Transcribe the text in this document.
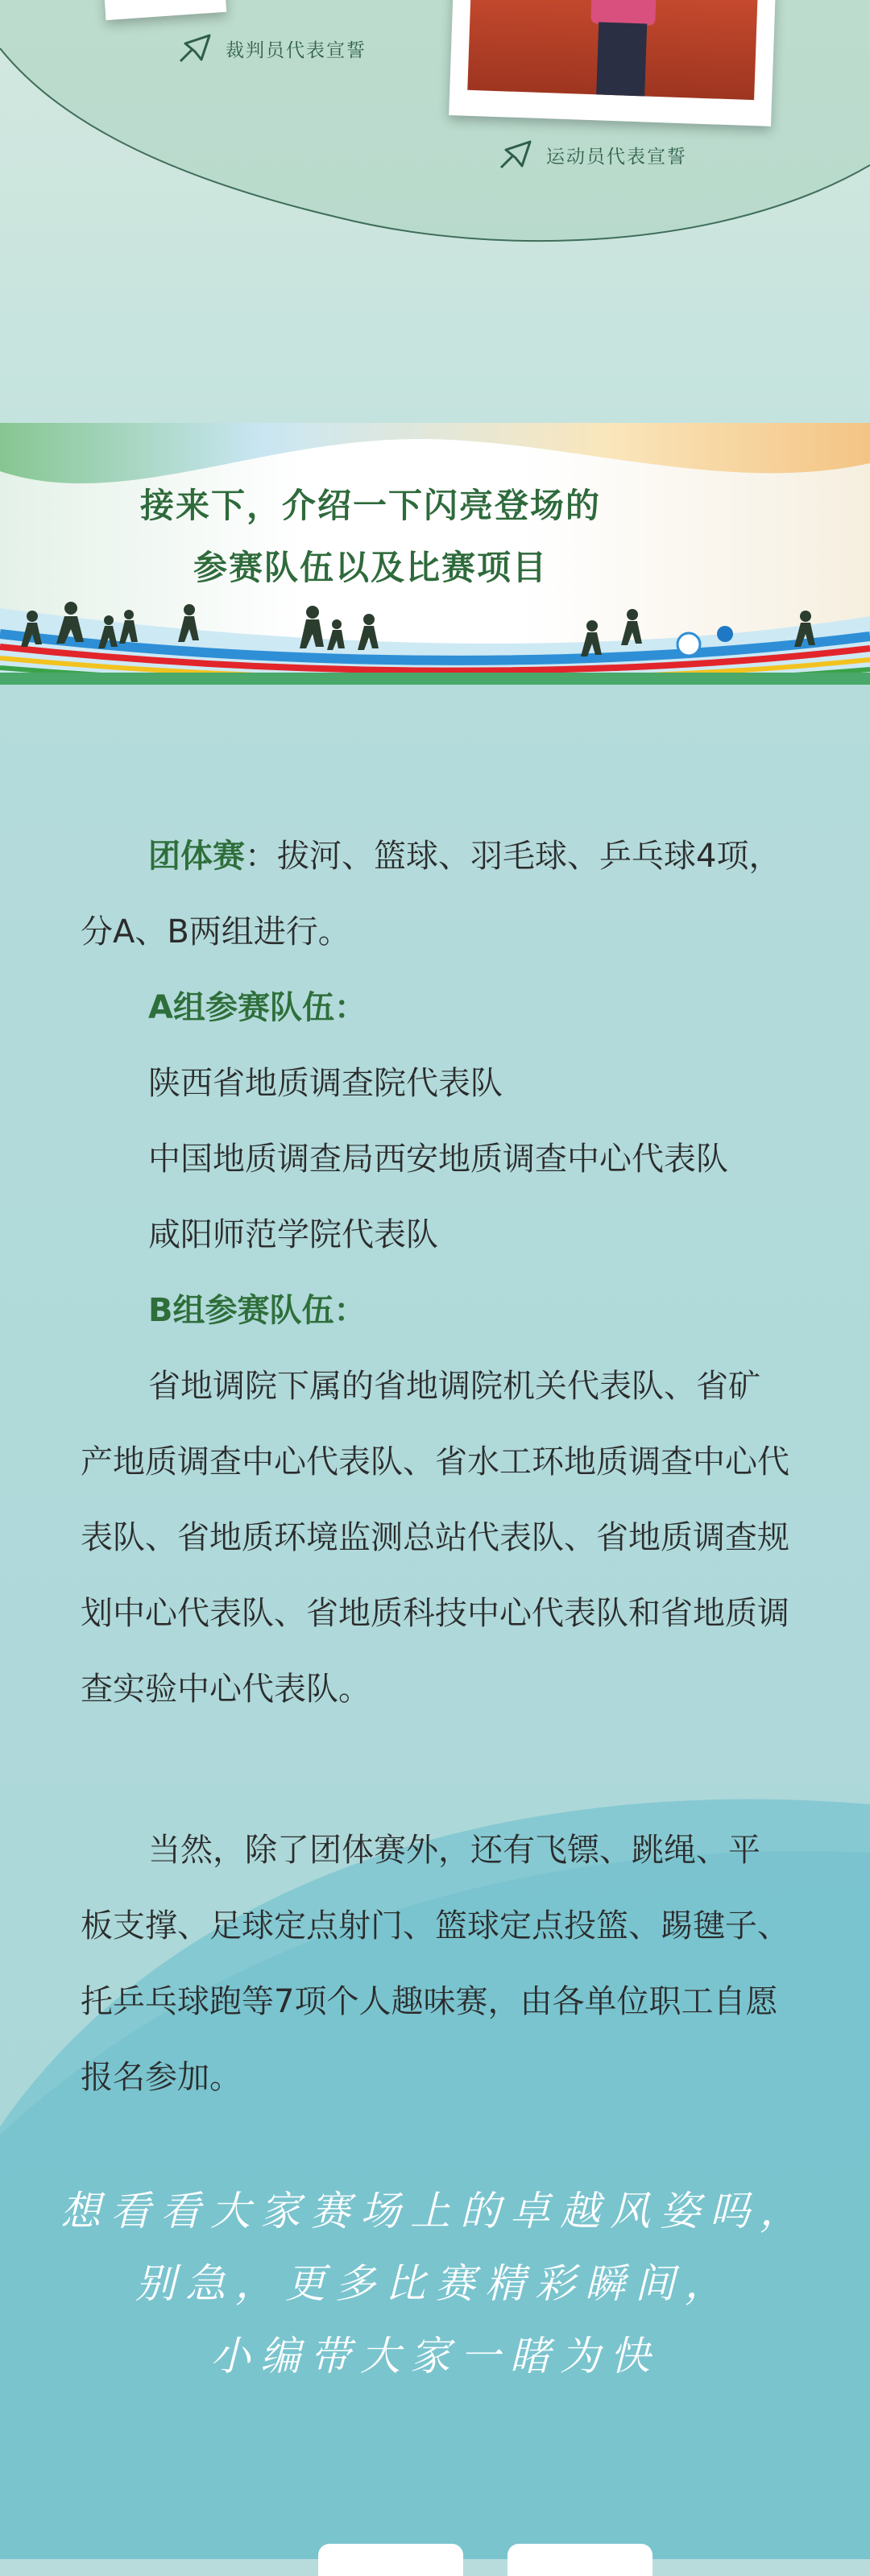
裁判员代表宣誓
运动员代表宣誓
接来下，介绍一下闪亮登场的
参赛队伍以及比赛项目

团体赛：拔河、篮球、羽毛球、乒乓球4项，分A、B两组进行。

A组参赛队伍：

陕西省地质调查院代表队

中国地质调查局西安地质调查中心代表队

咸阳师范学院代表队

B组参赛队伍：

省地调院下属的省地调院机关代表队、省矿产地质调查中心代表队、省水工环地质调查中心代表队、省地质环境监测总站代表队、省地质调查规划中心代表队、省地质科技中心代表队和省地质调查实验中心代表队。

当然，除了团体赛外，还有飞镖、跳绳、平板支撑、足球定点射门、篮球定点投篮、踢毽子、托乒乓球跑等7项个人趣味赛，由各单位职工自愿报名参加。

想看看大家赛场上的卓越风姿吗，
别急，更多比赛精彩瞬间，
小编带大家一睹为快
